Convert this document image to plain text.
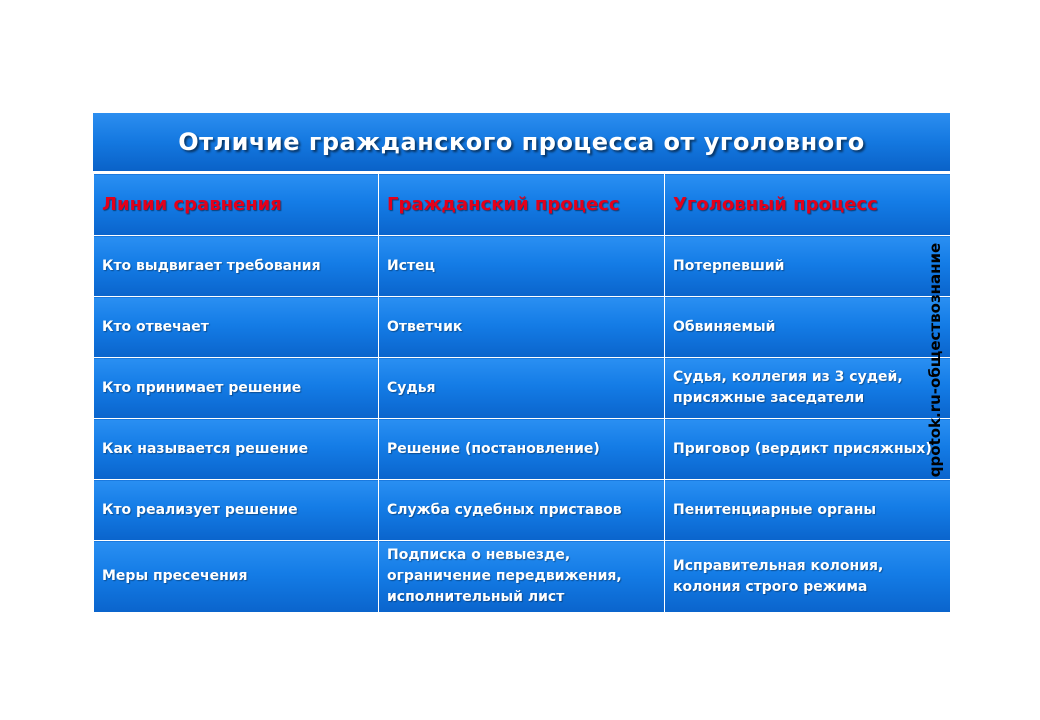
Отличие гражданского процесса от уголовного
Линии сравнения	Гражданский процесс	Уголовный процесс
Кто выдвигает требования	Истец	Потерпевший
Кто отвечает	Ответчик	Обвиняемый
Кто принимает решение	Судья	Судья, коллегия из 3 судей, присяжные заседатели
Как называется решение	Решение (постановление)	Приговор (вердикт присяжных)
Кто реализует решение	Служба судебных приставов	Пенитенциарные органы
Меры пресечения	Подписка о невыезде, ограничение передвижения, исполнительный лист	Исправительная колония, колония строго режима
qpotok.ru-обществознание
